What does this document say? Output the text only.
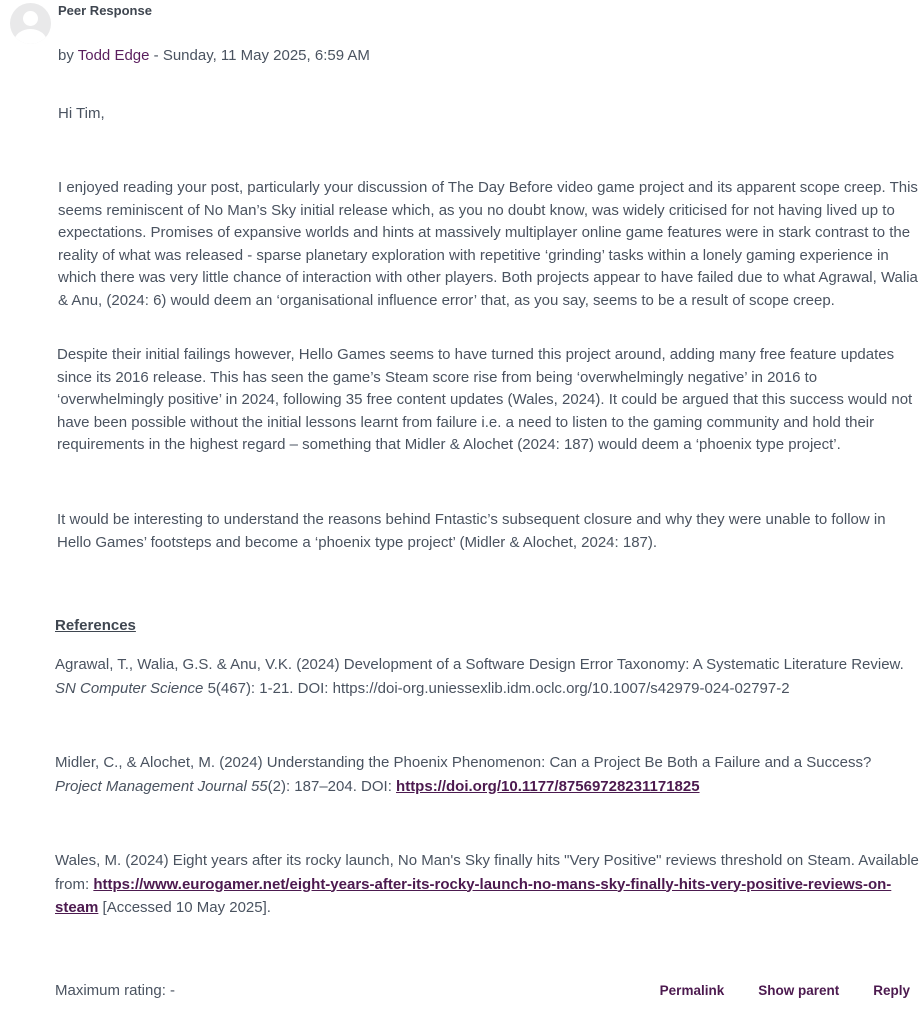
Peer Response
by Todd Edge - Sunday, 11 May 2025, 6:59 AM

Hi Tim,

I enjoyed reading your post, particularly your discussion of The Day Before video game project and its apparent scope creep. This seems reminiscent of No Man’s Sky initial release which, as you no doubt know, was widely criticised for not having lived up to expectations. Promises of expansive worlds and hints at massively multiplayer online game features were in stark contrast to the reality of what was released - sparse planetary exploration with repetitive ‘grinding’ tasks within a lonely gaming experience in which there was very little chance of interaction with other players. Both projects appear to have failed due to what Agrawal, Walia & Anu, (2024: 6) would deem an ‘organisational influence error’ that, as you say, seems to be a result of scope creep.

Despite their initial failings however, Hello Games seems to have turned this project around, adding many free feature updates since its 2016 release. This has seen the game’s Steam score rise from being ‘overwhelmingly negative’ in 2016 to ‘overwhelmingly positive’ in 2024, following 35 free content updates (Wales, 2024). It could be argued that this success would not have been possible without the initial lessons learnt from failure i.e. a need to listen to the gaming community and hold their requirements in the highest regard – something that Midler & Alochet (2024: 187) would deem a ‘phoenix type project’.

It would be interesting to understand the reasons behind Fntastic’s subsequent closure and why they were unable to follow in Hello Games’ footsteps and become a ‘phoenix type project’ (Midler & Alochet, 2024: 187).

References

Agrawal, T., Walia, G.S. & Anu, V.K. (2024) Development of a Software Design Error Taxonomy: A Systematic Literature Review. SN Computer Science 5(467): 1-21. DOI: https://doi-org.uniessexlib.idm.oclc.org/10.1007/s42979-024-02797-2

Midler, C., & Alochet, M. (2024) Understanding the Phoenix Phenomenon: Can a Project Be Both a Failure and a Success? Project Management Journal 55(2): 187–204. DOI: https://doi.org/10.1177/87569728231171825

Wales, M. (2024) Eight years after its rocky launch, No Man's Sky finally hits "Very Positive" reviews threshold on Steam. Available from: https://www.eurogamer.net/eight-years-after-its-rocky-launch-no-mans-sky-finally-hits-very-positive-reviews-on-steam [Accessed 10 May 2025].

Maximum rating: -	Permalink	Show parent	Reply
